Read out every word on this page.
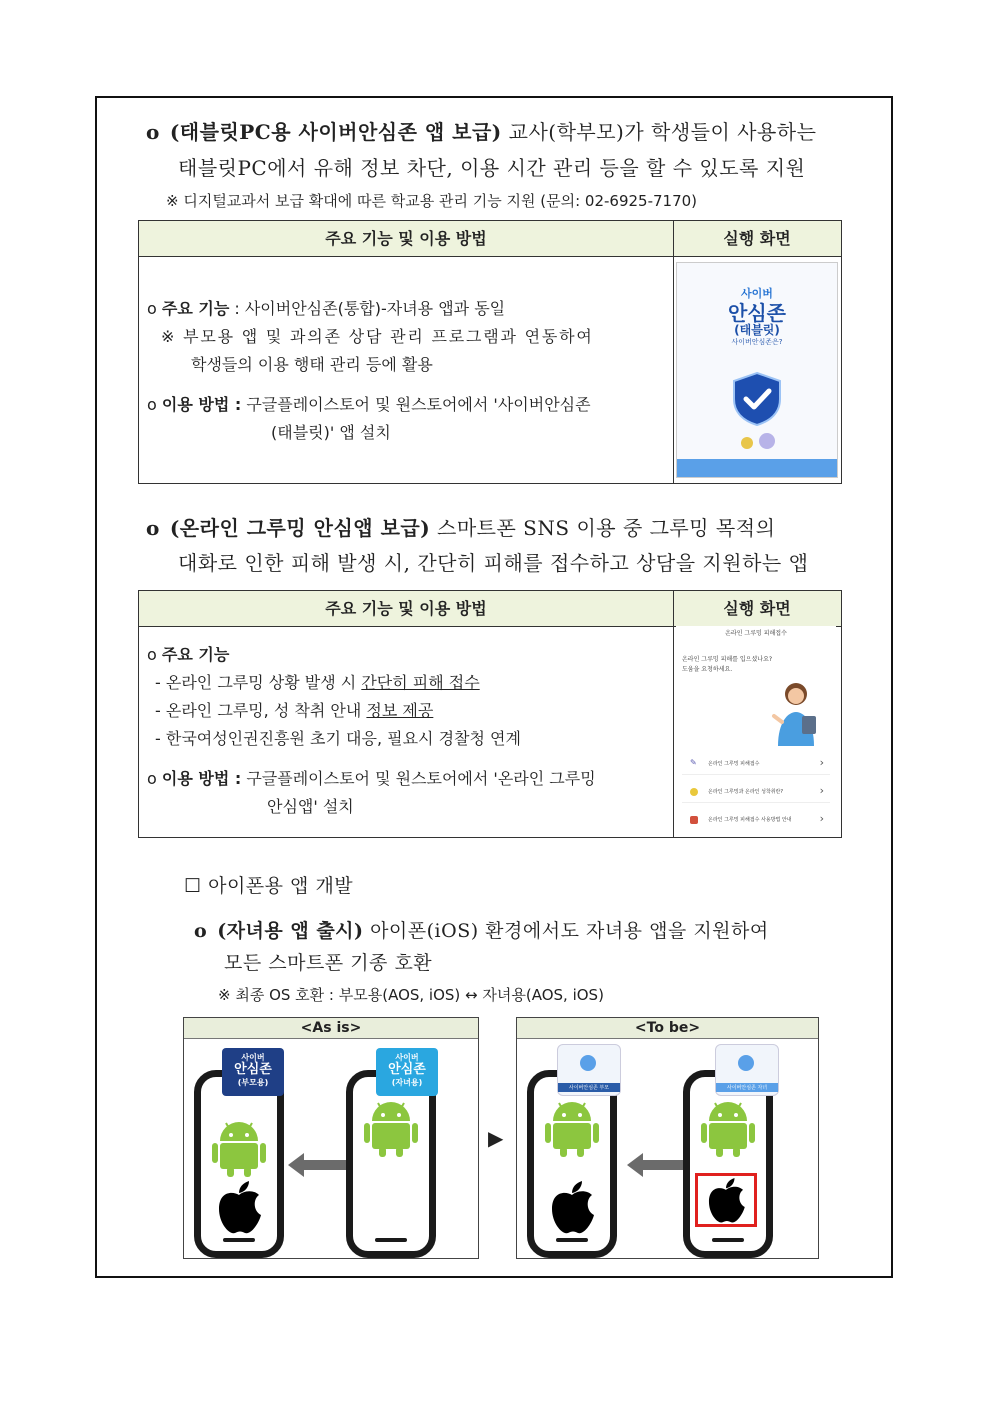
o (태블릿PC용 사이버안심존 앱 보급) 교사(학부모)가 학생들이 사용하는
태블릿PC에서 유해 정보 차단, 이용 시간 관리 등을 할 수 있도록 지원
※ 디지털교과서 보급 확대에 따른 학교용 관리 기능 지원 (문의: 02-6925-7170)
주요 기능 및 이용 방법	실행 화면
o 주요 기능 : 사이버안심존(통합)-자녀용 앱과 동일
※ 부모용 앱 및 과의존 상담 관리 프로그램과 연동하여
학생들의 이용 행태 관리 등에 활용
o 이용 방법 : 구글플레이스토어 및 원스토어에서 '사이버안심존
(태블릿)' 앱 설치
사이버
안심존
(태블릿)
사이버안심존은?
o (온라인 그루밍 안심앱 보급) 스마트폰 SNS 이용 중 그루밍 목적의
대화로 인한 피해 발생 시, 간단히 피해를 접수하고 상담을 지원하는 앱
주요 기능 및 이용 방법	실행 화면
o 주요 기능
- 온라인 그루밍 상황 발생 시 간단히 피해 접수
- 온라인 그루밍, 성 착취 안내 정보 제공
- 한국여성인권진흥원 초기 대응, 필요시 경찰청 연계
o 이용 방법 : 구글플레이스토어 및 원스토어에서 '온라인 그루밍
안심앱' 설치
온라인 그루밍 피해접수
온라인 그루밍 피해를 입으셨나요?
도움을 요청하세요.
✎ 온라인 그루밍 피해접수	›
온라인 그루밍과 온라인 성착취란?	›
온라인 그루밍 피해접수 사용방법 안내	›
☐ 아이폰용 앱 개발
o (자녀용 앱 출시) 아이폰(iOS) 환경에서도 자녀용 앱을 지원하여
모든 스마트폰 기종 호환
※ 최종 OS 호환 : 부모용(AOS, iOS) ↔ 자녀용(AOS, iOS)
<As is>
사이버
안심존
(부모용)
사이버
안심존
(자녀용)
▶
<To be>
사이버안심존 부모	사이버안심존 자녀
